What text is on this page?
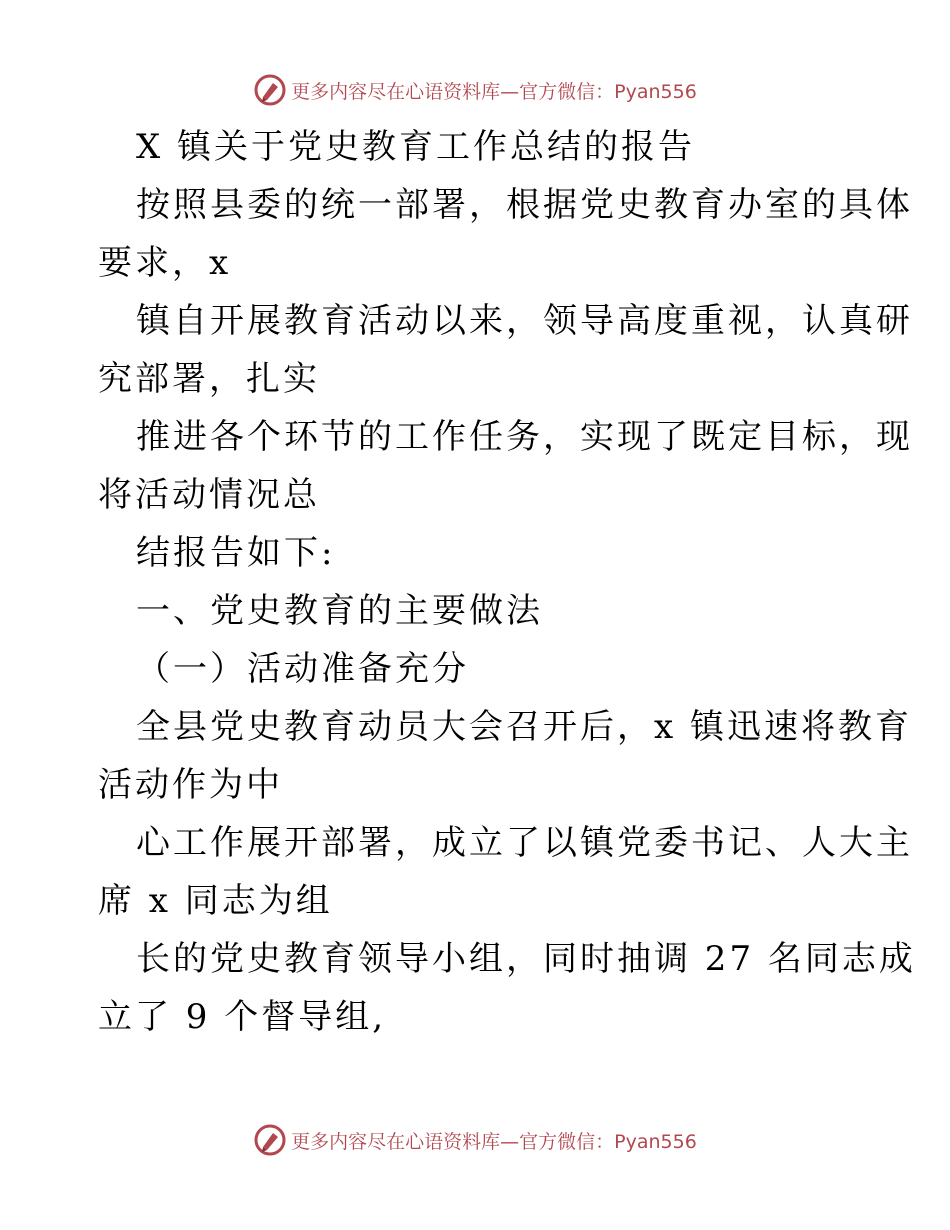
更多内容尽在心语资料库—官方微信：Pyan556
X 镇关于党史教育工作总结的报告
按照县委的统一部署，根据党史教育办室的具体
要求，x
镇自开展教育活动以来，领导高度重视，认真研
究部署，扎实
推进各个环节的工作任务，实现了既定目标，现
将活动情况总
结报告如下:
一、党史教育的主要做法
（一）活动准备充分
全县党史教育动员大会召开后，x 镇迅速将教育
活动作为中
心工作展开部署，成立了以镇党委书记、人大主
席 x 同志为组
长的党史教育领导小组，同时抽调 27 名同志成
立了 9 个督导组,
更多内容尽在心语资料库—官方微信：Pyan556
